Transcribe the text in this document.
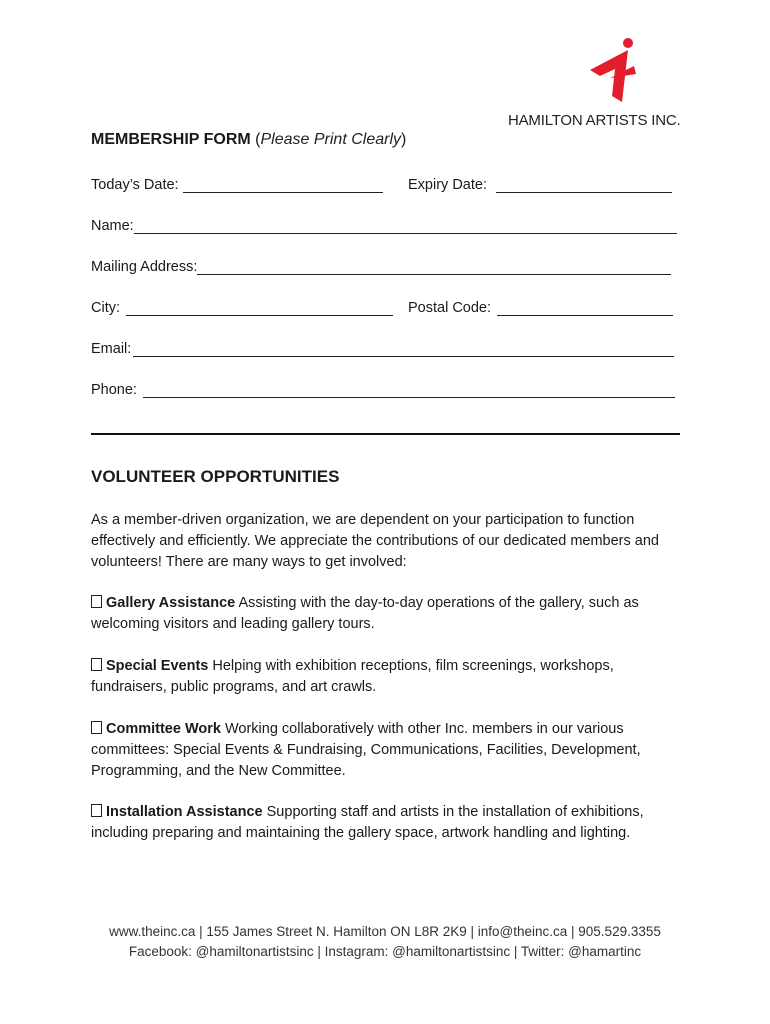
HAMILTON ARTISTS INC.
MEMBERSHIP FORM (Please Print Clearly)
Today’s Date:	Expiry Date:
Name:
Mailing Address:
City:	Postal Code:
Email:
Phone:
VOLUNTEER OPPORTUNITIES
As a member-driven organization, we are dependent on your participation to function effectively and efficiently. We appreciate the contributions of our dedicated members and volunteers! There are many ways to get involved:
Gallery Assistance Assisting with the day-to-day operations of the gallery, such as welcoming visitors and leading gallery tours.
Special Events Helping with exhibition receptions, film screenings, workshops, fundraisers, public programs, and art crawls.
Committee Work Working collaboratively with other Inc. members in our various committees: Special Events & Fundraising, Communications, Facilities, Development, Programming, and the New Committee.
Installation Assistance Supporting staff and artists in the installation of exhibitions, including preparing and maintaining the gallery space, artwork handling and lighting.
www.theinc.ca | 155 James Street N. Hamilton ON L8R 2K9 | info@theinc.ca | 905.529.3355
Facebook: @hamiltonartistsinc | Instagram: @hamiltonartistsinc | Twitter: @hamartinc
